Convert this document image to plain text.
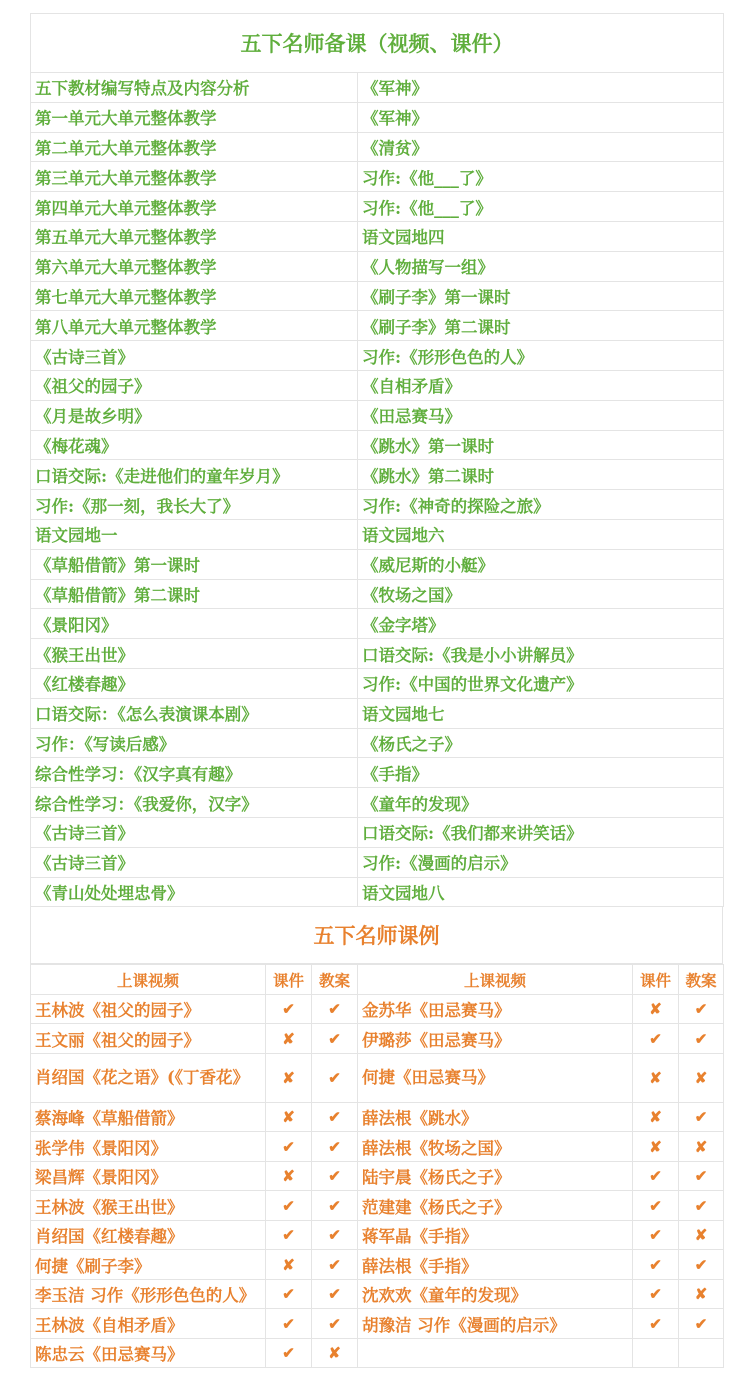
五下名师备课（视频、课件）	
五下教材编写特点及内容分析	《军神》
第一单元大单元整体教学	《军神》
第二单元大单元整体教学	《清贫》
第三单元大单元整体教学	习作:《他___了》
第四单元大单元整体教学	习作:《他___了》
第五单元大单元整体教学	语文园地四
第六单元大单元整体教学	《人物描写一组》
第七单元大单元整体教学	《刷子李》第一课时
第八单元大单元整体教学	《刷子李》第二课时
《古诗三首》	习作:《形形色色的人》
《祖父的园子》	《自相矛盾》
《月是故乡明》	《田忌赛马》
《梅花魂》	《跳水》第一课时
口语交际:《走进他们的童年岁月》	《跳水》第二课时
习作:《那一刻，我长大了》	习作:《神奇的探险之旅》
语文园地一	语文园地六
《草船借箭》第一课时	《威尼斯的小艇》
《草船借箭》第二课时	《牧场之国》
《景阳冈》	《金字塔》
《猴王出世》	口语交际:《我是小小讲解员》
《红楼春趣》	习作:《中国的世界文化遗产》
口语交际：《怎么表演课本剧》	语文园地七
习作：《写读后感》	《杨氏之子》
综合性学习：《汉字真有趣》	《手指》
综合性学习：《我爱你，汉字》	《童年的发现》
《古诗三首》	口语交际:《我们都来讲笑话》
《古诗三首》	习作:《漫画的启示》
《青山处处埋忠骨》	语文园地八
五下名师课例
上课视频	课件	教案	上课视频	课件	教案
王林波《祖父的园子》	✔	✔	金苏华《田忌赛马》	✘	✔
王文丽《祖父的园子》	✘	✔	伊璐莎《田忌赛马》	✔	✔
肖绍国《花之语》(《丁香花》	✘	✔	何捷《田忌赛马》	✘	✘
蔡海峰《草船借箭》	✘	✔	薛法根《跳水》	✘	✔
张学伟《景阳冈》	✔	✔	薛法根《牧场之国》	✘	✘
梁昌辉《景阳冈》	✘	✔	陆宇晨《杨氏之子》	✔	✔
王林波《猴王出世》	✔	✔	范建建《杨氏之子》	✔	✔
肖绍国《红楼春趣》	✔	✔	蒋军晶《手指》	✔	✘
何捷《刷子李》	✘	✔	薛法根《手指》	✔	✔
李玉洁 习作《形形色色的人》	✔	✔	沈欢欢《童年的发现》	✔	✘
王林波《自相矛盾》	✔	✔	胡豫洁 习作《漫画的启示》	✔	✔
陈忠云《田忌赛马》	✔	✘			
